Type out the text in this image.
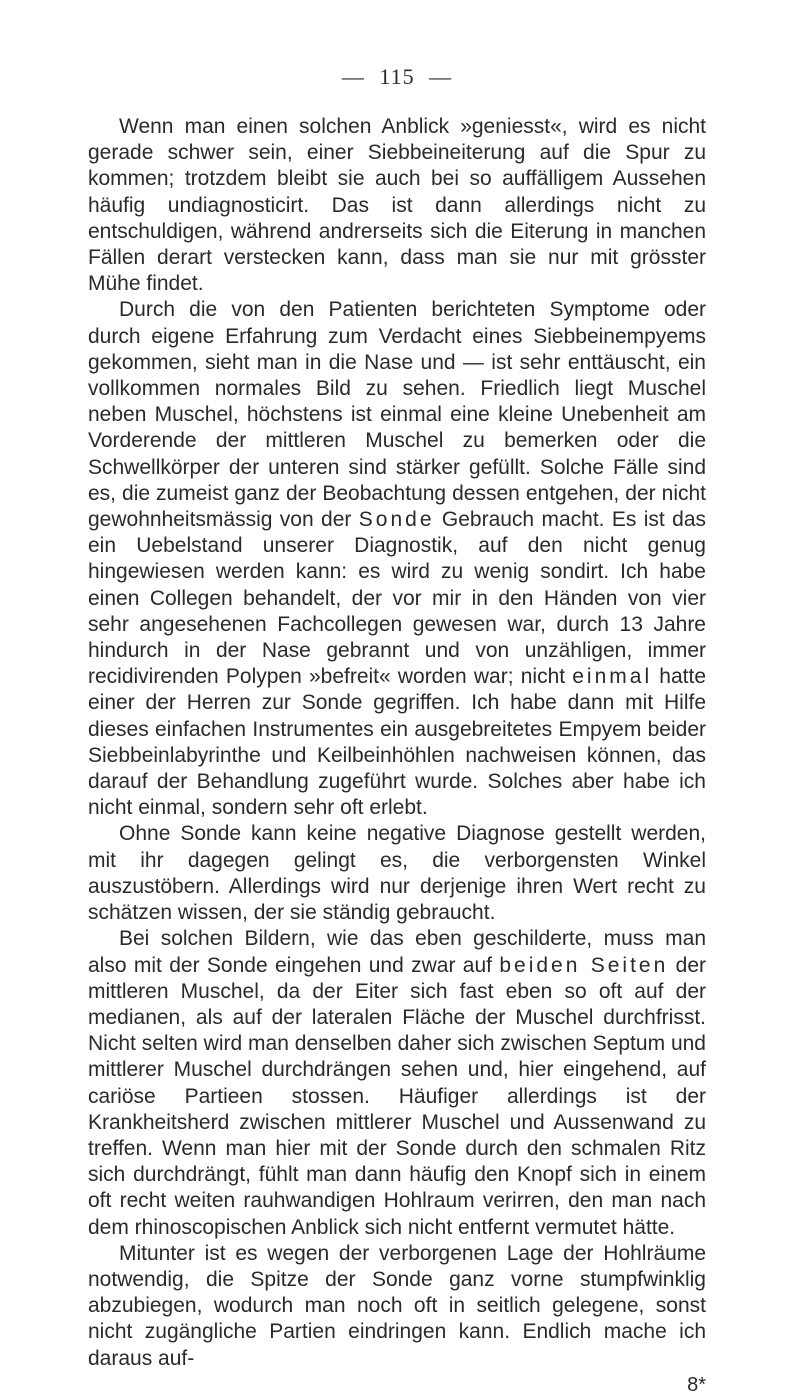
— 115 —

Wenn man einen solchen Anblick »geniesst«, wird es nicht gerade schwer sein, einer Siebbeineiterung auf die Spur zu kommen; trotzdem bleibt sie auch bei so auffälligem Aussehen häufig undiagnosticirt. Das ist dann allerdings nicht zu entschuldigen, während andrerseits sich die Eiterung in manchen Fällen derart verstecken kann, dass man sie nur mit grösster Mühe findet.

Durch die von den Patienten berichteten Symptome oder durch eigene Erfahrung zum Verdacht eines Siebbeinempyems gekommen, sieht man in die Nase und — ist sehr enttäuscht, ein vollkommen normales Bild zu sehen. Friedlich liegt Muschel neben Muschel, höchstens ist einmal eine kleine Unebenheit am Vorderende der mittleren Muschel zu bemerken oder die Schwellkörper der unteren sind stärker gefüllt. Solche Fälle sind es, die zumeist ganz der Beobachtung dessen entgehen, der nicht gewohnheitsmässig von der Sonde Gebrauch macht. Es ist das ein Uebelstand unserer Diagnostik, auf den nicht genug hingewiesen werden kann: es wird zu wenig sondirt. Ich habe einen Collegen behandelt, der vor mir in den Händen von vier sehr angesehenen Fachcollegen gewesen war, durch 13 Jahre hindurch in der Nase gebrannt und von unzähligen, immer recidivirenden Polypen »befreit« worden war; nicht einmal hatte einer der Herren zur Sonde gegriffen. Ich habe dann mit Hilfe dieses einfachen Instrumentes ein ausgebreitetes Empyem beider Siebbeinlabyrinthe und Keilbeinhöhlen nachweisen können, das darauf der Behandlung zugeführt wurde. Solches aber habe ich nicht einmal, sondern sehr oft erlebt.

Ohne Sonde kann keine negative Diagnose gestellt werden, mit ihr dagegen gelingt es, die verborgensten Winkel auszustöbern. Allerdings wird nur derjenige ihren Wert recht zu schätzen wissen, der sie ständig gebraucht.

Bei solchen Bildern, wie das eben geschilderte, muss man also mit der Sonde eingehen und zwar auf beiden Seiten der mittleren Muschel, da der Eiter sich fast eben so oft auf der medianen, als auf der lateralen Fläche der Muschel durchfrisst. Nicht selten wird man denselben daher sich zwischen Septum und mittlerer Muschel durchdrängen sehen und, hier eingehend, auf cariöse Partieen stossen. Häufiger allerdings ist der Krankheitsherd zwischen mittlerer Muschel und Aussenwand zu treffen. Wenn man hier mit der Sonde durch den schmalen Ritz sich durchdrängt, fühlt man dann häufig den Knopf sich in einem oft recht weiten rauhwandigen Hohlraum verirren, den man nach dem rhinoscopischen Anblick sich nicht entfernt vermutet hätte.

Mitunter ist es wegen der verborgenen Lage der Hohlräume notwendig, die Spitze der Sonde ganz vorne stumpfwinklig abzubiegen, wodurch man noch oft in seitlich gelegene, sonst nicht zugängliche Partien eindringen kann. Endlich mache ich daraus auf-

8*
